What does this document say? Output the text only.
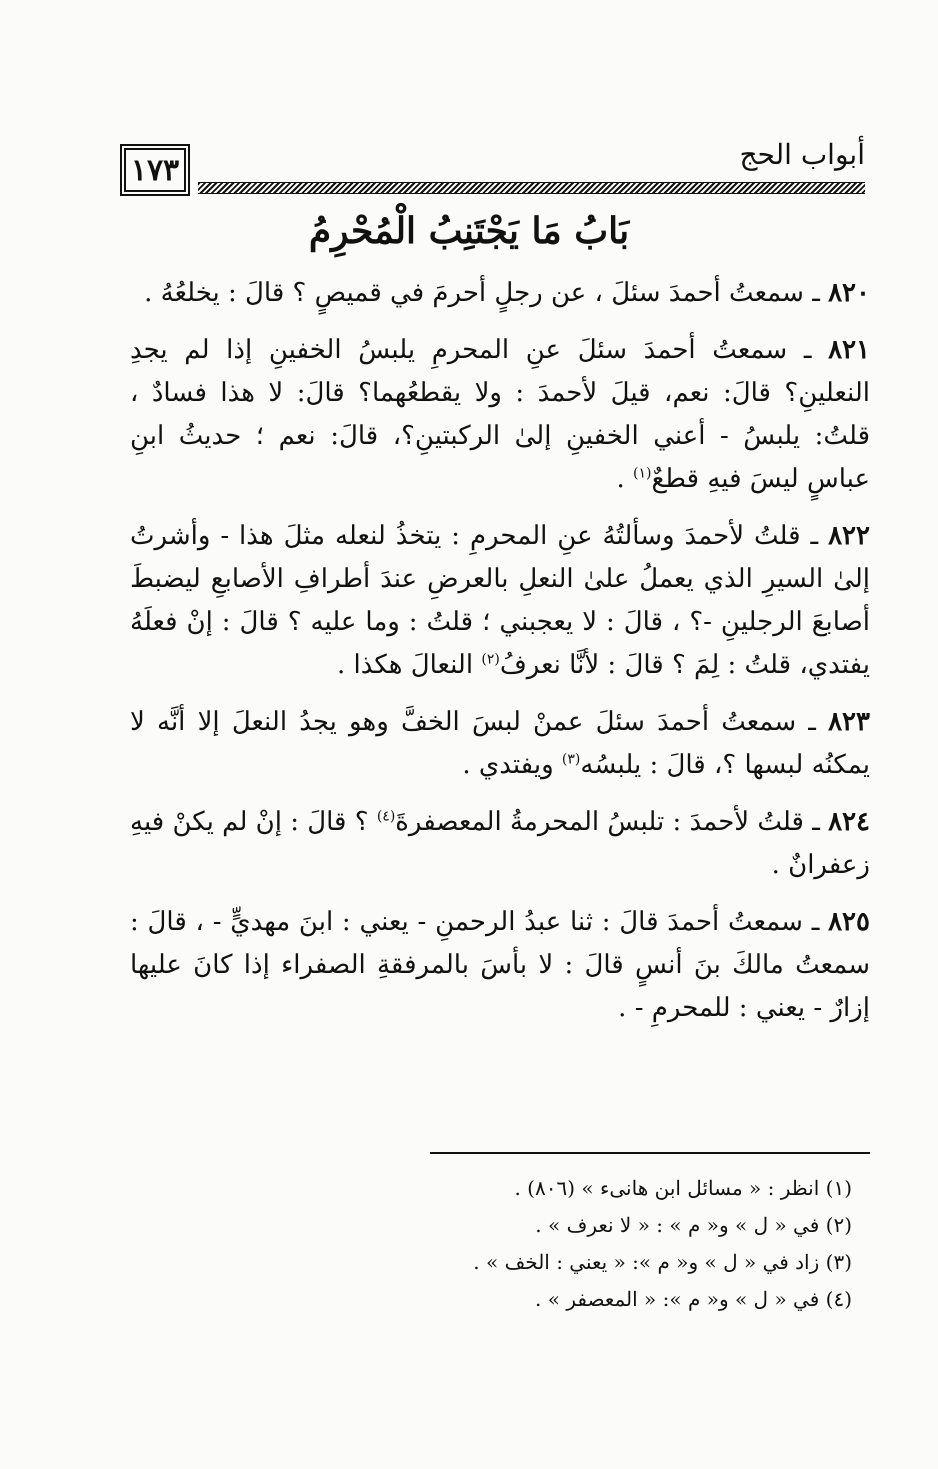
١٧٣	أبواب الحج
بَابُ مَا يَجْتَنِبُ الْمُحْرِمُ

٨٢٠ ـ سمعتُ أحمدَ سئلَ ، عن رجلٍ أحرمَ في قميصٍ ؟ قالَ : يخلعُهُ .

٨٢١ ـ سمعتُ أحمدَ سئلَ عنِ المحرمِ يلبسُ الخفينِ إذا لم يجدِ النعلينِ؟ قالَ: نعم، قيلَ لأحمدَ : ولا يقطعُهما؟ قالَ: لا هذا فسادٌ ، قلتُ: يلبسُ - أعني الخفينِ إلىٰ الركبتينِ؟، قالَ: نعم ؛ حديثُ ابنِ عباسٍ ليسَ فيهِ قطعٌ$^{(١)}$ .

٨٢٢ ـ قلتُ لأحمدَ وسألتُهُ عنِ المحرمِ : يتخذُ لنعله مثلَ هذا - وأشرتُ إلىٰ السيرِ الذي يعملُ علىٰ النعلِ بالعرضِ عندَ أطرافِ الأصابعِ ليضبطَ أصابعَ الرجلينِ -؟ ، قالَ : لا يعجبني ؛ قلتُ : وما عليه ؟ قالَ : إنْ فعلَهُ يفتدي، قلتُ : لِمَ ؟ قالَ : لأنَّا نعرفُ$^{(٢)}$ النعالَ هكذا .

٨٢٣ ـ سمعتُ أحمدَ سئلَ عمنْ لبسَ الخفَّ وهو يجدُ النعلَ إلا أنَّه لا يمكنُه لبسها ؟، قالَ : يلبسُه$^{(٣)}$ ويفتدي .

٨٢٤ ـ قلتُ لأحمدَ : تلبسُ المحرمةُ المعصفرةَ$^{(٤)}$ ؟ قالَ : إنْ لم يكنْ فيهِ زعفرانٌ .

٨٢٥ ـ سمعتُ أحمدَ قالَ : ثنا عبدُ الرحمنِ - يعني : ابنَ مهديٍّ - ، قالَ : سمعتُ مالكَ بنَ أنسٍ قالَ : لا بأسَ بالمرفقةِ الصفراء إذا كانَ عليها إزارٌ - يعني : للمحرمِ - .

(١) انظر : « مسائل ابن هانىء » (٨٠٦) .

(٢) في « ل » و« م » : « لا نعرف » .

(٣) زاد في « ل » و« م »: « يعني : الخف » .

(٤) في « ل » و« م »: « المعصفر » .
